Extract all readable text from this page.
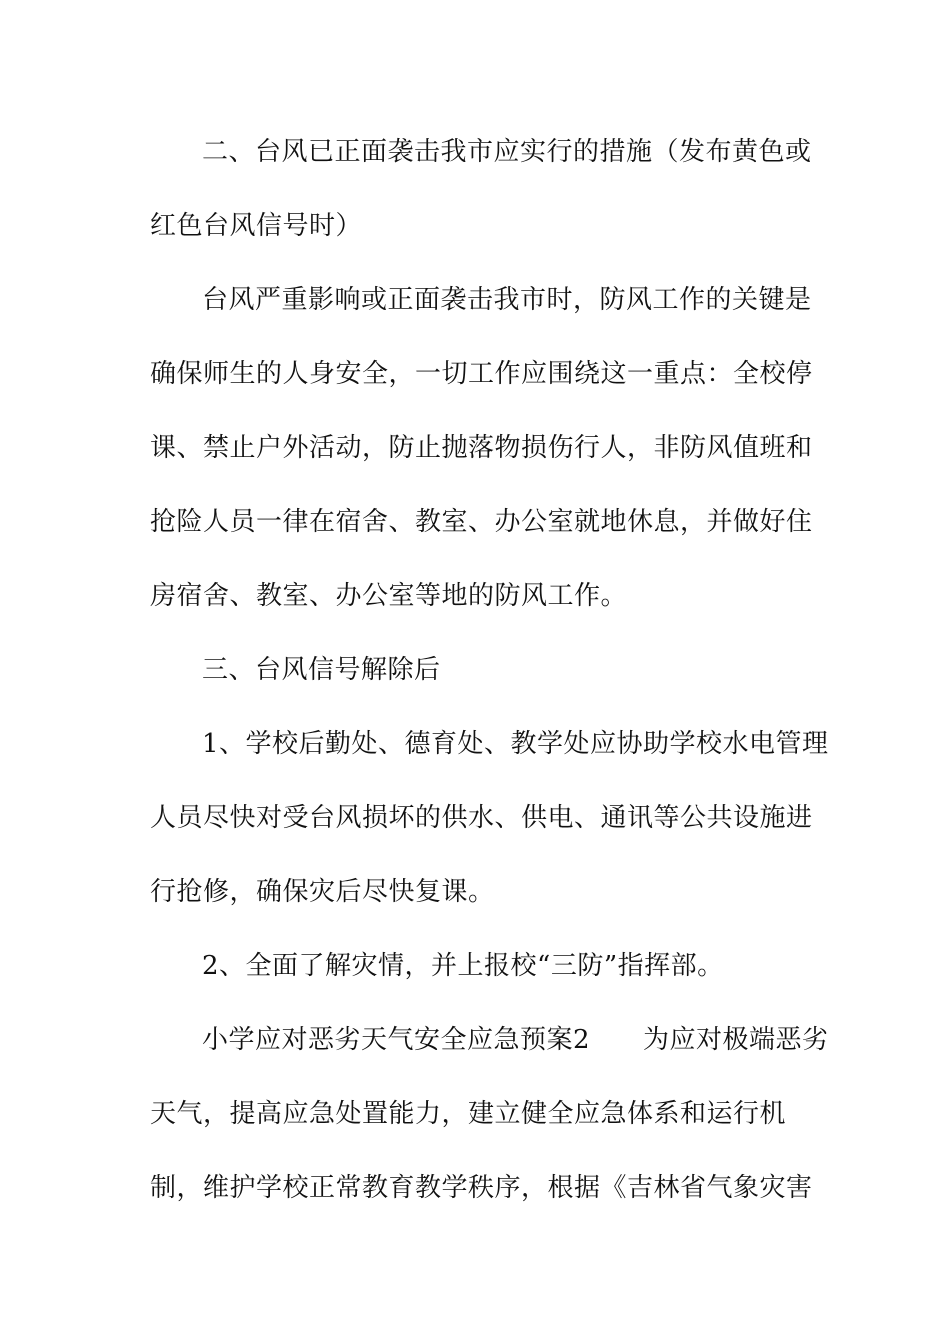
二、台风已正面袭击我市应实行的措施（发布黄色或
红色台风信号时）
台风严重影响或正面袭击我市时，防风工作的关键是
确保师生的人身安全，一切工作应围绕这一重点：全校停
课、禁止户外活动，防止抛落物损伤行人，非防风值班和
抢险人员一律在宿舍、教室、办公室就地休息，并做好住
房宿舍、教室、办公室等地的防风工作。
三、台风信号解除后
1、学校后勤处、德育处、教学处应协助学校水电管理
人员尽快对受台风损坏的供水、供电、通讯等公共设施进
行抢修，确保灾后尽快复课。
2、全面了解灾情，并上报校“三防”指挥部。
小学应对恶劣天气安全应急预案2　　为应对极端恶劣
天气，提高应急处置能力，建立健全应急体系和运行机
制，维护学校正常教育教学秩序，根据《吉林省气象灾害
